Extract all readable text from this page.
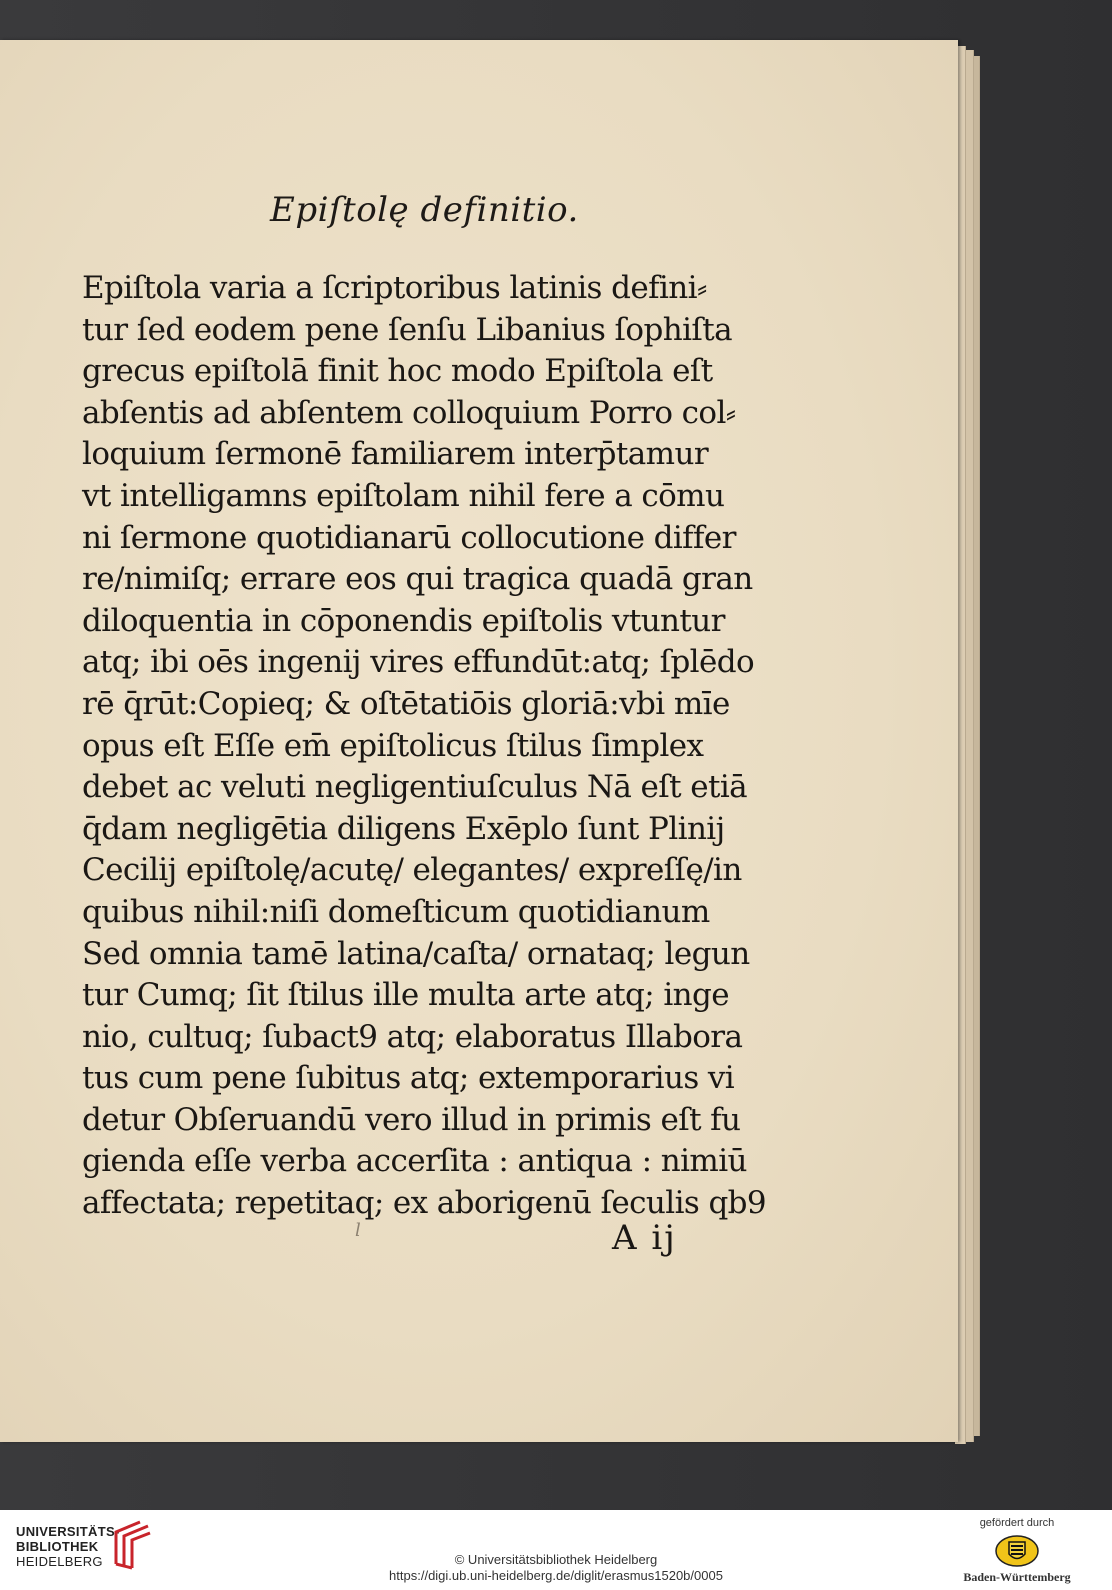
Epiſtolę definitio.
Epiſtola varia a ſcriptoribus latinis defini⸗
tur ſed eodem pene ſenſu Libanius ſophiſta
grecus epiſtolā finit hoc modo Epiſtola eſt
abſentis ad abſentem colloquium Porro col⸗
loquium ſermonē familiarem interp̄tamur
vt intelligamns epiſtolam nihil fere a cōmu
ni ſermone quotidianarū collocutione differ
re/nimiſq; errare eos qui tragica quadā gran
diloquentia in cōponendis epiſtolis vtuntur
atq; ibi oēs ingenij vires effundūt:atq; ſplēdo
rē q̄rūt:Copieq; & oſtētatiōis gloriā:vbi mīe
opus eſt Eſſe em̄ epiſtolicus ſtilus ſimplex
debet ac veluti negligentiuſculus Nā eſt etiā
q̄dam negligētia diligens Exēplo ſunt Plinij
Cecilij epiſtolę/acutę/ elegantes/ expreſſę/in
quibus nihil:niſi domeſticum quotidianum
Sed omnia tamē latina/caſta/ ornataq; legun
tur Cumq; ſit ſtilus ille multa arte atq; inge
nio, cultuq; ſubact9 atq; elaboratus Illabora
tus cum pene ſubitus atq; extemporarius vi
detur Obſeruandū vero illud in primis eſt fu
gienda eſſe verba accerſita : antiqua : nimiū
affectata; repetitaq; ex aborigenū ſeculis qb9
l	A ij
UNIVERSITÄTS-
BIBLIOTHEK
HEIDELBERG	© Universitätsbibliothek Heidelberg
https://digi.ub.uni-heidelberg.de/diglit/erasmus1520b/0005
gefördert durch
Baden-Württemberg
